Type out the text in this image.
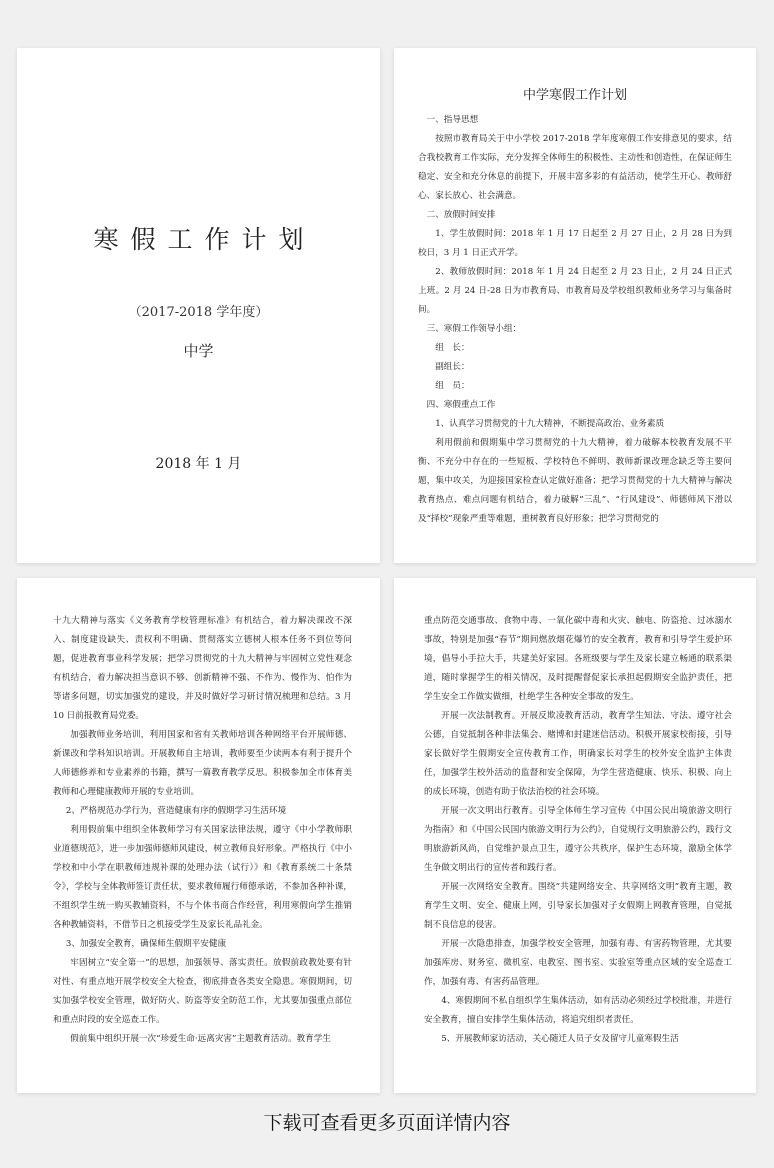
寒假工作计划
（2017-2018 学年度）
中学
2018 年 1 月
中学寒假工作计划

一、指导思想

按照市教育局关于中小学校 2017-2018 学年度寒假工作安排意见的要求，结合我校教育工作实际，充分发挥全体师生的积极性、主动性和创造性，在保证师生稳定、安全和充分休息的前提下，开展丰富多彩的有益活动，使学生开心、教师舒心、家长放心、社会满意。

二、放假时间安排

1、学生放假时间：2018 年 1 月 17 日起至 2 月 27 日止，2 月 28 日为到校日，3 月 1 日正式开学。

2、教师放假时间：2018 年 1 月 24 日起至 2 月 23 日止，2 月 24 日正式上班。2 月 24 日-28 日为市教育局、市教育局及学校组织教师业务学习与集备时间。

三、寒假工作领导小组：

组　长：

副组长：

组　员：

四、寒假重点工作

1、认真学习贯彻党的十九大精神，不断提高政治、业务素质

利用假前和假期集中学习贯彻党的十九大精神，着力破解本校教育发展不平衡、不充分中存在的一些短板、学校特色不鲜明、教师新课改理念缺乏等主要问题，集中攻关，为迎接国家检查认定做好准备；把学习贯彻党的十九大精神与解决教育热点、难点问题有机结合，着力破解“三乱”、“行风建设”、师德师风下滑以及“择校”现象严重等难题，重树教育良好形象；把学习贯彻党的

十九大精神与落实《义务教育学校管理标准》有机结合，着力解决课改不深入、制度建设缺失、责权利不明确、贯彻落实立德树人根本任务不到位等问题，促进教育事业科学发展；把学习贯彻党的十九大精神与牢固树立党性观念有机结合，着力解决担当意识不够、创新精神不强、不作为、慢作为、怕作为等诸多问题，切实加强党的建设，并及时做好学习研讨情况梳理和总结。3 月 10 日前报教育局党委。

加强教师业务培训，利用国家和省有关教师培训各种网络平台开展师德、新课改和学科知识培训。开展教师自主培训，教师要至少读两本有利于提升个人师德修养和专业素养的书籍，撰写一篇教育教学反思。积极参加全市体育美教师和心理健康教师开展的专业培训。

2、严格规范办学行为，营造健康有序的假期学习生活环境

利用假前集中组织全体教师学习有关国家法律法规，遵守《中小学教师职业道德规范》，进一步加强师德师风建设，树立教师良好形象。严格执行《中小学校和中小学在职教师违规补课的处理办法（试行）》和《教育系统二十条禁令》，学校与全体教师签订责任状，要求教师履行师德承诺，不参加各种补课，不组织学生统一购买教辅资料，不与个体书商合作经营，利用寒假向学生推销各种教辅资料，不借节日之机接受学生及家长礼品礼金。

3、加强安全教育，确保师生假期平安健康

牢固树立“安全第一”的思想，加强领导、落实责任。放假前政教处要有针对性、有重点地开展学校安全大检查，彻底排查各类安全隐患。寒假期间，切实加强学校安全管理，做好防火、防盗等安全防范工作，尤其要加强重点部位和重点时段的安全巡查工作。

假前集中组织开展一次“珍爱生命·远离灾害”主题教育活动。教育学生

重点防范交通事故、食物中毒、一氧化碳中毒和火灾、触电、防盗抢、过冰溺水事故，特别是加强“春节”期间燃放烟花爆竹的安全教育，教育和引导学生爱护环境，倡导小手拉大手，共建美好家园。各班级要与学生及家长建立畅通的联系渠道，随时掌握学生的相关情况，及时提醒督促家长承担起假期安全监护责任，把学生安全工作做实做细，杜绝学生各种安全事故的发生。

开展一次法制教育。开展反欺凌教育活动，教育学生知法、守法、遵守社会公德，自觉抵制各种非法集会、赌博和封建迷信活动。积极开展家校衔接，引导家长做好学生假期安全宣传教育工作，明确家长对学生的校外安全监护主体责任，加强学生校外活动的监督和安全保障，为学生营造健康、快乐、积极、向上的成长环境，创造有助于依法治校的社会环境。

开展一次文明出行教育。引导全体师生学习宣传《中国公民出境旅游文明行为指南》和《中国公民国内旅游文明行为公约》，自觉规行文明旅游公约，践行文明旅游新风尚，自觉维护景点卫生，遵守公共秩序，保护生态环境，激励全体学生争做文明出行的宣传者和践行者。

开展一次网络安全教育。围绕“共建网络安全、共享网络文明”教育主题，教育学生文明、安全、健康上网，引导家长加强对子女假期上网教育管理，自觉抵制不良信息的侵害。

开展一次隐患排查，加强学校安全管理，加强有毒、有害药物管理，尤其要加强库房、财务室、微机室、电教室、图书室、实验室等重点区域的安全巡查工作，加强有毒、有害药品管理。

4、寒假期间不私自组织学生集体活动，如有活动必须经过学校批准，并进行安全教育，擅自安排学生集体活动，将追究组织者责任。

5、开展教师家访活动，关心随迁人员子女及留守儿童寒假生活

下载可查看更多页面详情内容
